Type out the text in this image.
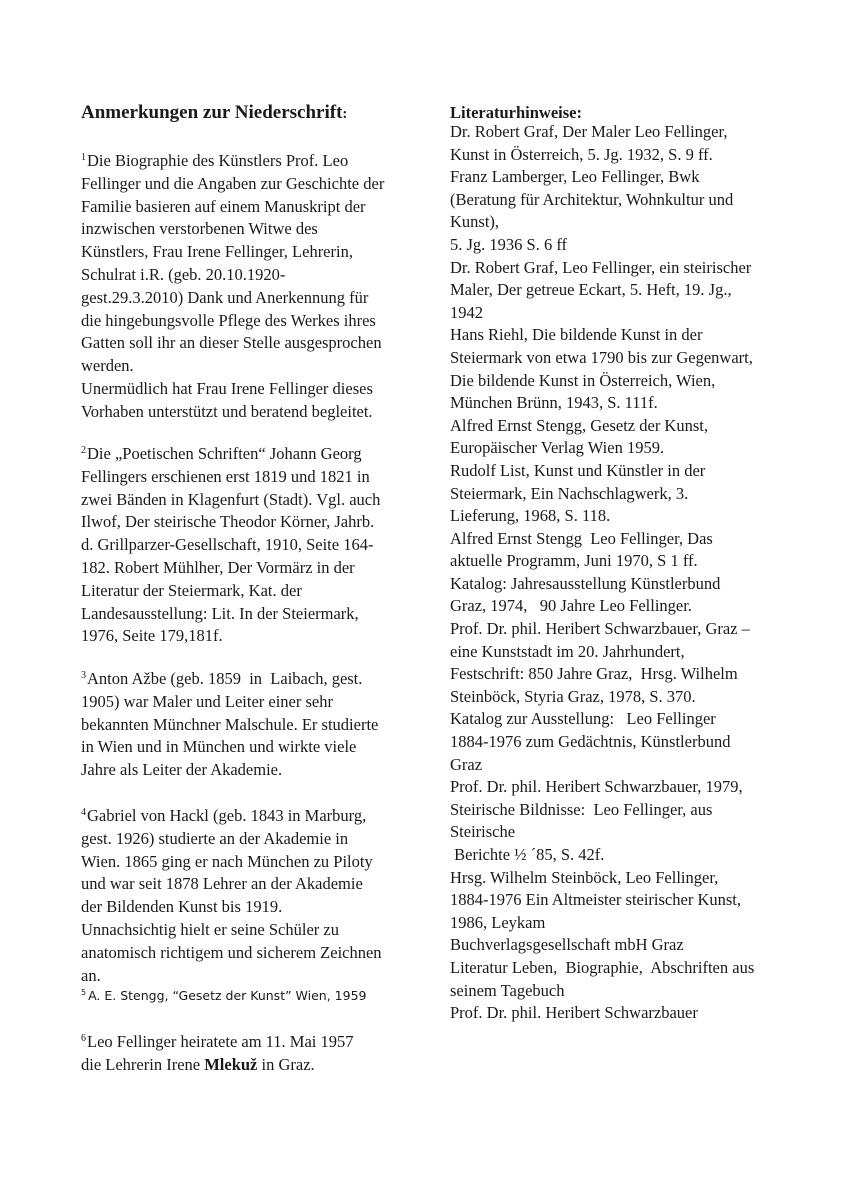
Anmerkungen zur Niederschrift:
$^1$Die Biographie des Künstlers Prof. Leo
Fellinger und die Angaben zur Geschichte der
Familie basieren auf einem Manuskript der
inzwischen verstorbenen Witwe des
Künstlers, Frau Irene Fellinger, Lehrerin,
Schulrat i.R. (geb. 20.10.1920-
gest.29.3.2010) Dank und Anerkennung für
die hingebungsvolle Pflege des Werkes ihres
Gatten soll ihr an dieser Stelle ausgesprochen
werden.
Unermüdlich hat Frau Irene Fellinger dieses
Vorhaben unterstützt und beratend begleitet.
$^2$Die „Poetischen Schriften“ Johann Georg
Fellingers erschienen erst 1819 und 1821 in
zwei Bänden in Klagenfurt (Stadt). Vgl. auch
Ilwof, Der steirische Theodor Körner, Jahrb.
d. Grillparzer-Gesellschaft, 1910, Seite 164-
182. Robert Mühlher, Der Vormärz in der
Literatur der Steiermark, Kat. der
Landesausstellung: Lit. In der Steiermark,
1976, Seite 179,181f.
$^3$Anton Ažbe (geb. 1859  in  Laibach, gest.
1905) war Maler und Leiter einer sehr
bekannten Münchner Malschule. Er studierte
in Wien und in München und wirkte viele
Jahre als Leiter der Akademie.
$^4$Gabriel von Hackl (geb. 1843 in Marburg,
gest. 1926) studierte an der Akademie in
Wien. 1865 ging er nach München zu Piloty
und war seit 1878 Lehrer an der Akademie
der Bildenden Kunst bis 1919.
Unnachsichtig hielt er seine Schüler zu
anatomisch richtigem und sicherem Zeichnen
an.
$^5$ A. E. Stengg, “Gesetz der Kunst” Wien, 1959
$^6$Leo Fellinger heiratete am 11. Mai 1957
die Lehrerin Irene Mlekuž in Graz.
Literaturhinweise:
Dr. Robert Graf, Der Maler Leo Fellinger,
Kunst in Österreich, 5. Jg. 1932, S. 9 ff.
Franz Lamberger, Leo Fellinger, Bwk
(Beratung für Architektur, Wohnkultur und
Kunst),
5. Jg. 1936 S. 6 ff
Dr. Robert Graf, Leo Fellinger, ein steirischer
Maler, Der getreue Eckart, 5. Heft, 19. Jg.,
1942
Hans Riehl, Die bildende Kunst in der
Steiermark von etwa 1790 bis zur Gegenwart,
Die bildende Kunst in Österreich, Wien,
München Brünn, 1943, S. 111f.
Alfred Ernst Stengg, Gesetz der Kunst,
Europäischer Verlag Wien 1959.
Rudolf List, Kunst und Künstler in der
Steiermark, Ein Nachschlagwerk, 3.
Lieferung, 1968, S. 118.
Alfred Ernst Stengg  Leo Fellinger, Das
aktuelle Programm, Juni 1970, S 1 ff.
Katalog: Jahresausstellung Künstlerbund
Graz, 1974,   90 Jahre Leo Fellinger.
Prof. Dr. phil. Heribert Schwarzbauer, Graz –
eine Kunststadt im 20. Jahrhundert,
Festschrift: 850 Jahre Graz,  Hrsg. Wilhelm
Steinböck, Styria Graz, 1978, S. 370.
Katalog zur Ausstellung:   Leo Fellinger
1884-1976 zum Gedächtnis, Künstlerbund
Graz
Prof. Dr. phil. Heribert Schwarzbauer, 1979,
Steirische Bildnisse:  Leo Fellinger, aus
Steirische
Berichte ½ ´85, S. 42f.
Hrsg. Wilhelm Steinböck, Leo Fellinger,
1884-1976 Ein Altmeister steirischer Kunst,
1986, Leykam
Buchverlagsgesellschaft mbH Graz
Literatur Leben,  Biographie,  Abschriften aus
seinem Tagebuch
Prof. Dr. phil. Heribert Schwarzbauer
